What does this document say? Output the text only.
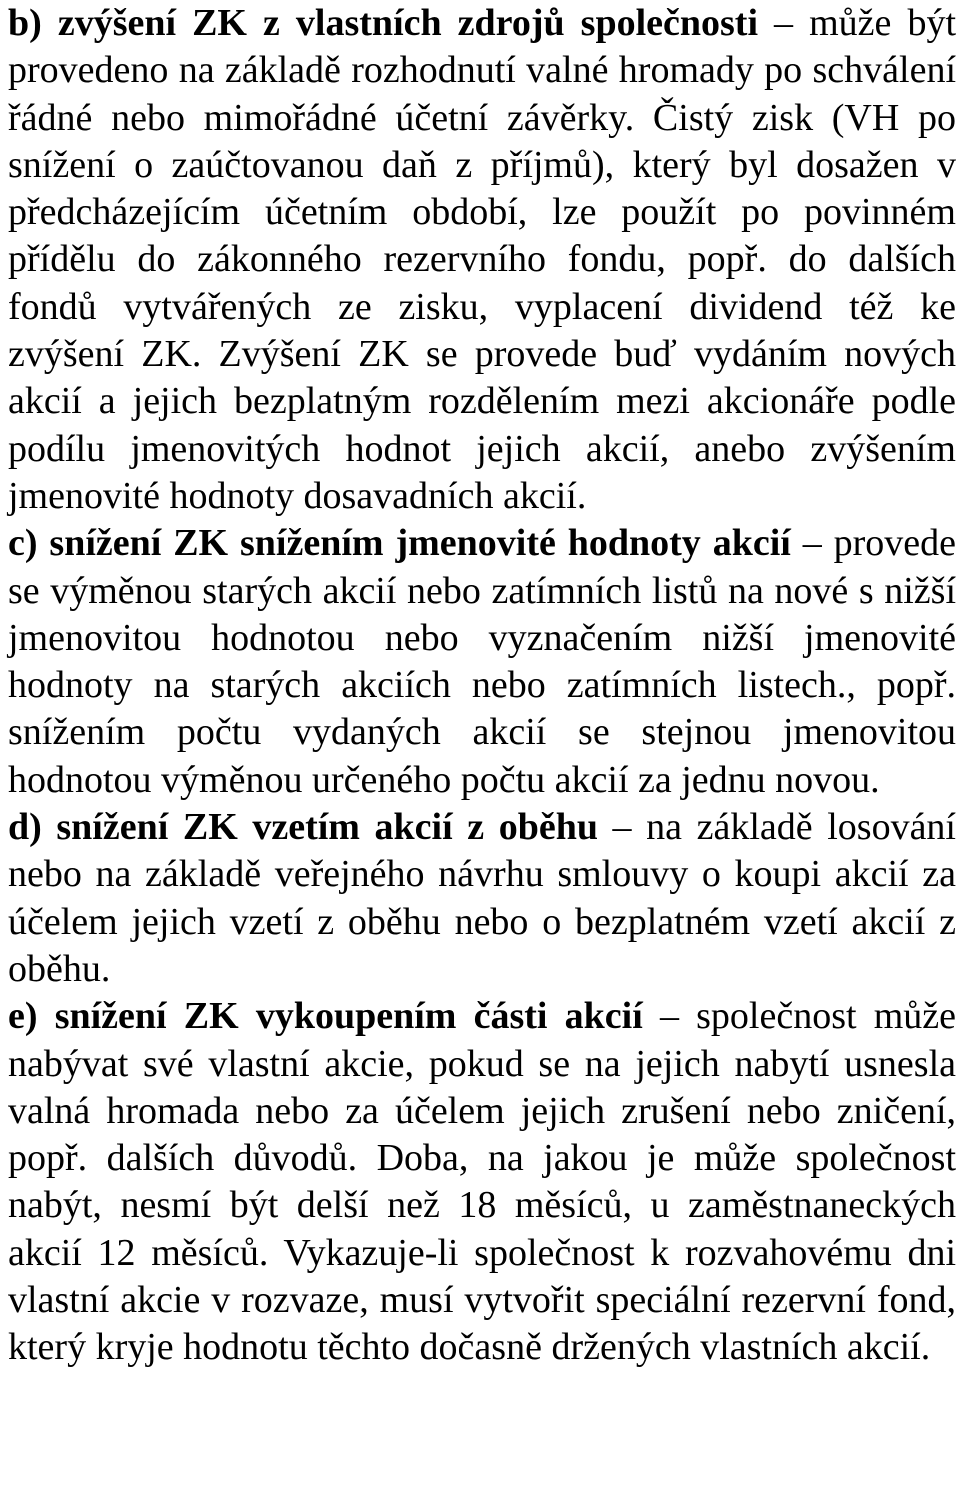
b) zvýšení ZK z vlastních zdrojů společnosti – může být provedeno na základě rozhodnutí valné hromady po schválení řádné nebo mimořádné účetní závěrky. Čistý zisk (VH po snížení o zaúčtovanou daň z příjmů), který byl dosažen v předcházejícím účetním období, lze použít po povinném přídělu do zákonného rezervního fondu, popř. do dalších fondů vytvářených ze zisku, vyplacení dividend též ke zvýšení ZK. Zvýšení ZK se provede buď vydáním nových akcií a jejich bezplatným rozdělením mezi akcionáře podle podílu jmenovitých hodnot jejich akcií, anebo zvýšením jmenovité hodnoty dosavadních akcií.

c) snížení ZK snížením jmenovité hodnoty akcií – provede se výměnou starých akcií nebo zatímních listů na nové s nižší jmenovitou hodnotou nebo vyznačením nižší jmenovité hodnoty na starých akciích nebo zatímních listech., popř. snížením počtu vydaných akcií se stejnou jmenovitou hodnotou výměnou určeného počtu akcií za jednu novou.

d) snížení ZK vzetím akcií z oběhu – na základě losování nebo na základě veřejného návrhu smlouvy o koupi akcií za účelem jejich vzetí z oběhu nebo o bezplatném vzetí akcií z oběhu.

e) snížení ZK vykoupením části akcií – společnost může nabývat své vlastní akcie, pokud se na jejich nabytí usnesla valná hromada nebo za účelem jejich zrušení nebo zničení, popř. dalších důvodů. Doba, na jakou je může společnost nabýt, nesmí být delší než 18 měsíců, u zaměstnaneckých akcií 12 měsíců. Vykazuje-li společnost k rozvahovému dni vlastní akcie v rozvaze, musí vytvořit speciální rezervní fond, který kryje hodnotu těchto dočasně držených vlastních akcií.
